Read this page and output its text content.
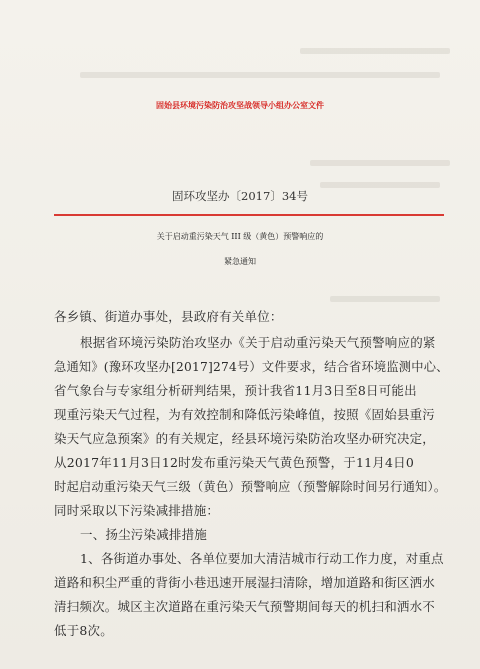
固始县环境污染防治攻坚战领导小组办公室文件
固环攻坚办〔2017〕34号
关于启动重污染天气 III 级（黄色）预警响应的
紧急通知
各乡镇、街道办事处，县政府有关单位：
根据省环境污染防治攻坚办《关于启动重污染天气预警响应的紧
急通知》(豫环攻坚办[2017]274号）文件要求，结合省环境监测中心、
省气象台与专家组分析研判结果，预计我省11月3日至8日可能出
现重污染天气过程，为有效控制和降低污染峰值，按照《固始县重污
染天气应急预案》的有关规定，经县环境污染防治攻坚办研究决定，
从2017年11月3日12时发布重污染天气黄色预警，于11月4日0
时起启动重污染天气三级（黄色）预警响应（预警解除时间另行通知）。
同时采取以下污染减排措施：
一、扬尘污染减排措施
1、各街道办事处、各单位要加大清洁城市行动工作力度，对重点
道路和积尘严重的背街小巷迅速开展湿扫清除，增加道路和街区洒水
清扫频次。城区主次道路在重污染天气预警期间每天的机扫和洒水不
低于8次。
